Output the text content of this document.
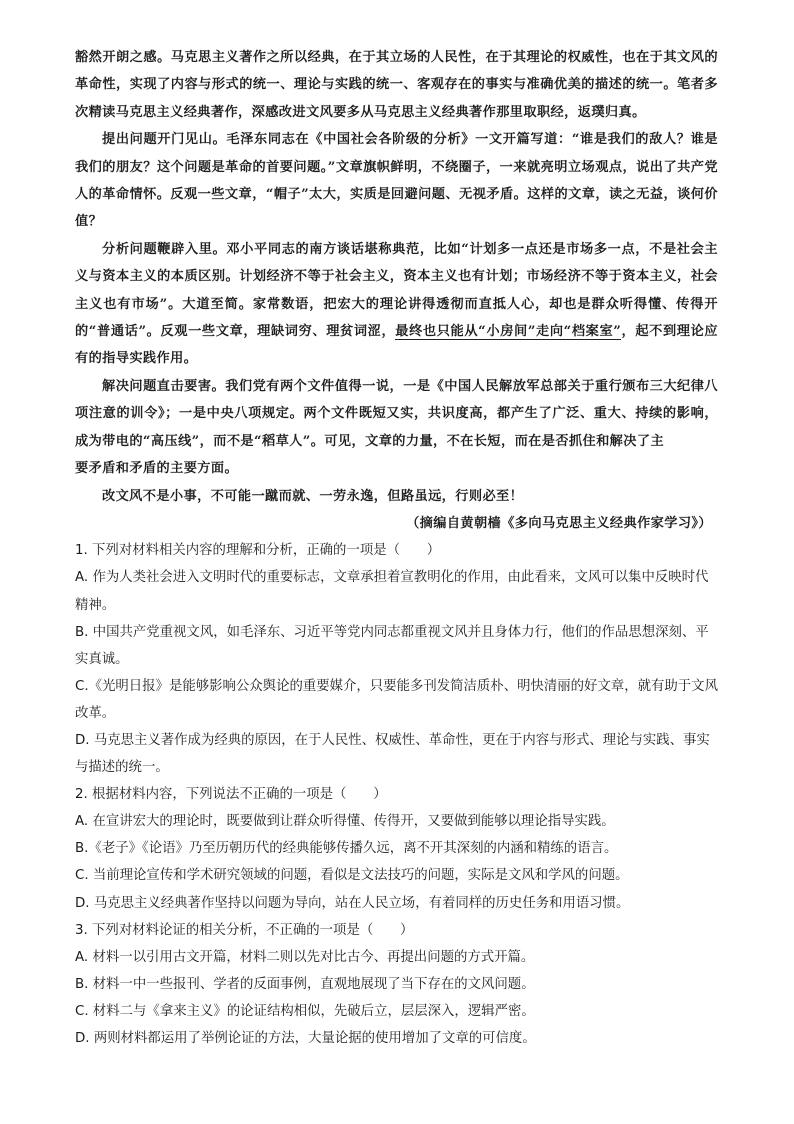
豁然开朗之感。马克思主义著作之所以经典，在于其立场的人民性，在于其理论的权威性，也在于其文风的革命性，实现了内容与形式的统一、理论与实践的统一、客观存在的事实与准确优美的描述的统一。笔者多次精读马克思主义经典著作，深感改进文风要多从马克思主义经典著作那里取职经，返璞归真。

提出问题开门见山。毛泽东同志在《中国社会各阶级的分析》一文开篇写道：“谁是我们的敌人？谁是我们的朋友？这个问题是革命的首要问题。”文章旗帜鲜明，不绕圈子，一来就亮明立场观点，说出了共产党人的革命情怀。反观一些文章，“帽子”太大，实质是回避问题、无视矛盾。这样的文章，读之无益，谈何价值？

分析问题鞭辟入里。邓小平同志的南方谈话堪称典范，比如“计划多一点还是市场多一点，不是社会主义与资本主义的本质区别。计划经济不等于社会主义，资本主义也有计划；市场经济不等于资本主义，社会主义也有市场”。大道至简。家常数语，把宏大的理论讲得透彻而直抵人心，却也是群众听得懂、传得开的“普通话”。反观一些文章，理缺词穷、理贫词涩，最终也只能从“小房间”走向“档案室”，起不到理论应有的指导实践作用。

解决问题直击要害。我们党有两个文件值得一说，一是《中国人民解放军总部关于重行颁布三大纪律八项注意的训令》；一是中央八项规定。两个文件既短又实，共识度高，都产生了广泛、重大、持续的影响，成为带电的“高压线”，而不是“稻草人”。可见，文章的力量，不在长短，而在是否抓住和解决了主

要矛盾和矛盾的主要方面。

改文风不是小事，不可能一蹴而就、一劳永逸，但路虽远，行则必至！

（摘编自黄朝樯《多向马克思主义经典作家学习》）

1. 下列对材料相关内容的理解和分析，正确的一项是（　　）

A. 作为人类社会进入文明时代的重要标志，文章承担着宣教明化的作用，由此看来，文风可以集中反映时代精神。

B. 中国共产党重视文风，如毛泽东、习近平等党内同志都重视文风并且身体力行，他们的作品思想深刻、平实真诚。

C.《光明日报》是能够影响公众舆论的重要媒介，只要能多刊发简洁质朴、明快清丽的好文章，就有助于文风改革。

D. 马克思主义著作成为经典的原因，在于人民性、权威性、革命性，更在于内容与形式、理论与实践、事实与描述的统一。

2. 根据材料内容，下列说法不正确的一项是（　　）

A. 在宣讲宏大的理论时，既要做到让群众听得懂、传得开，又要做到能够以理论指导实践。

B.《老子》《论语》乃至历朝历代的经典能够传播久远，离不开其深刻的内涵和精练的语言。

C. 当前理论宣传和学术研究领域的问题，看似是文法技巧的问题，实际是文风和学风的问题。

D. 马克思主义经典著作坚持以问题为导向，站在人民立场，有着同样的历史任务和用语习惯。

3. 下列对材料论证的相关分析，不正确的一项是（　　）

A. 材料一以引用古文开篇，材料二则以先对比古今、再提出问题的方式开篇。

B. 材料一中一些报刊、学者的反面事例，直观地展现了当下存在的文风问题。

C. 材料二与《拿来主义》的论证结构相似，先破后立，层层深入，逻辑严密。

D. 两则材料都运用了举例论证的方法，大量论据的使用增加了文章的可信度。
